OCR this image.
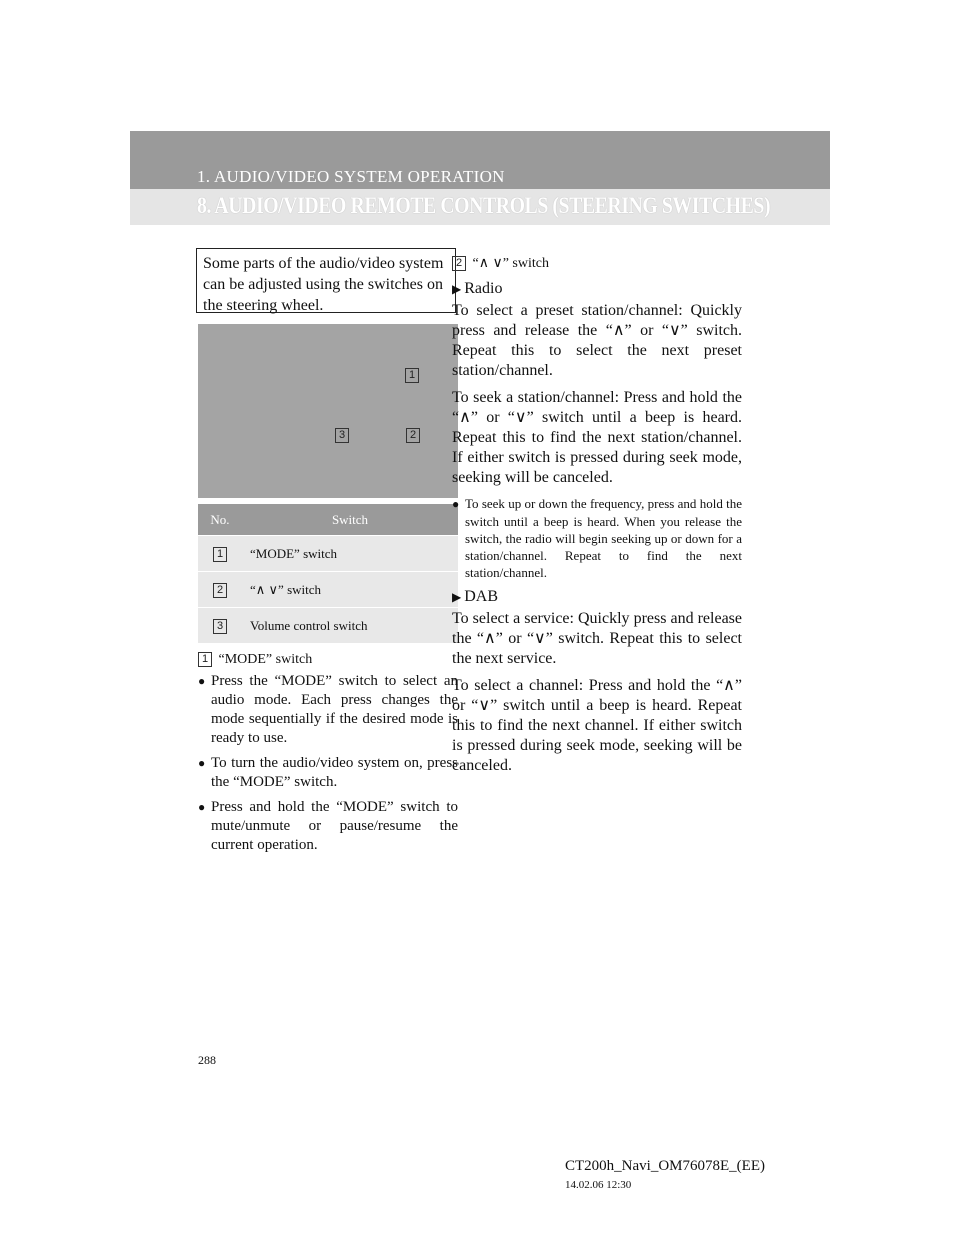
1. AUDIO/VIDEO SYSTEM OPERATION
8. AUDIO/VIDEO REMOTE CONTROLS (STEERING SWITCHES)
Some parts of the audio/video system can be adjusted using the switches on the steering wheel.
1
3	2
No.	Switch
1	“MODE” switch
2	“∧ ∨” switch
3	Volume control switch
1 “MODE” switch

● Press the “MODE” switch to select an audio mode. Each press changes the mode sequentially if the desired mode is ready to use.

● To turn the audio/video system on, press the “MODE” switch.

● Press and hold the “MODE” switch to mute/unmute or pause/resume the current operation.

2 “∧ ∨” switch
▶ Radio

To select a preset station/channel: Quickly press and release the “∧” or “∨” switch. Repeat this to select the next preset station/channel.

To seek a station/channel: Press and hold the “∧” or “∨” switch until a beep is heard. Repeat this to find the next station/channel. If either switch is pressed during seek mode, seeking will be canceled.

● To seek up or down the frequency, press and hold the switch until a beep is heard. When you release the switch, the radio will begin seeking up or down for a station/channel. Repeat to find the next station/channel.

▶ DAB

To select a service: Quickly press and release the “∧” or “∨” switch. Repeat this to select the next service.

To select a channel: Press and hold the “∧” or “∨” switch until a beep is heard. Repeat this to find the next channel. If either switch is pressed during seek mode, seeking will be canceled.

288
CT200h_Navi_OM76078E_(EE)
14.02.06 12:30
